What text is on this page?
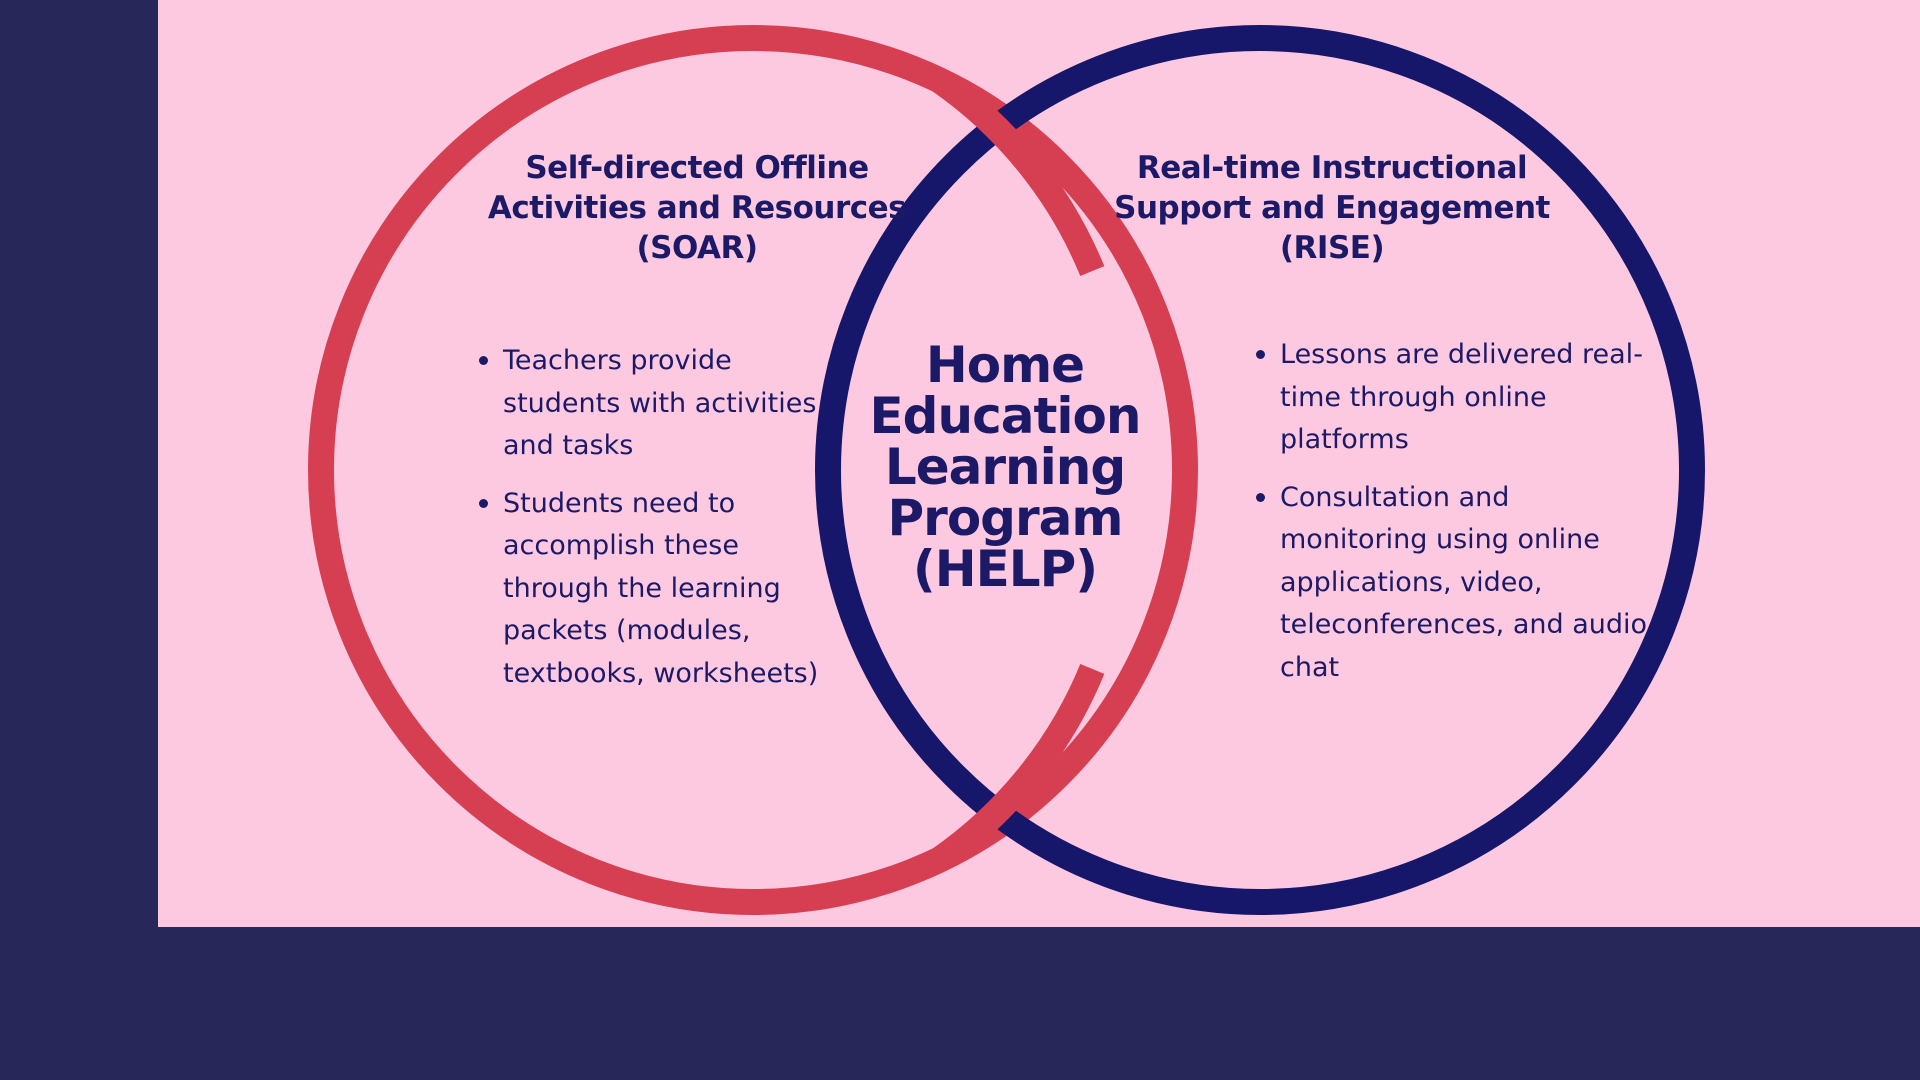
Self-directed Offline Activities and Resources (SOAR)
Teachers provide students with activities and tasks
Students need to accomplish these through the learning packets (modules, textbooks, worksheets)
Home Education Learning Program (HELP)
Real-time Instructional Support and Engagement (RISE)
Lessons are delivered real-time through online platforms
Consultation and monitoring using online applications, video, teleconferences, and audio chat
